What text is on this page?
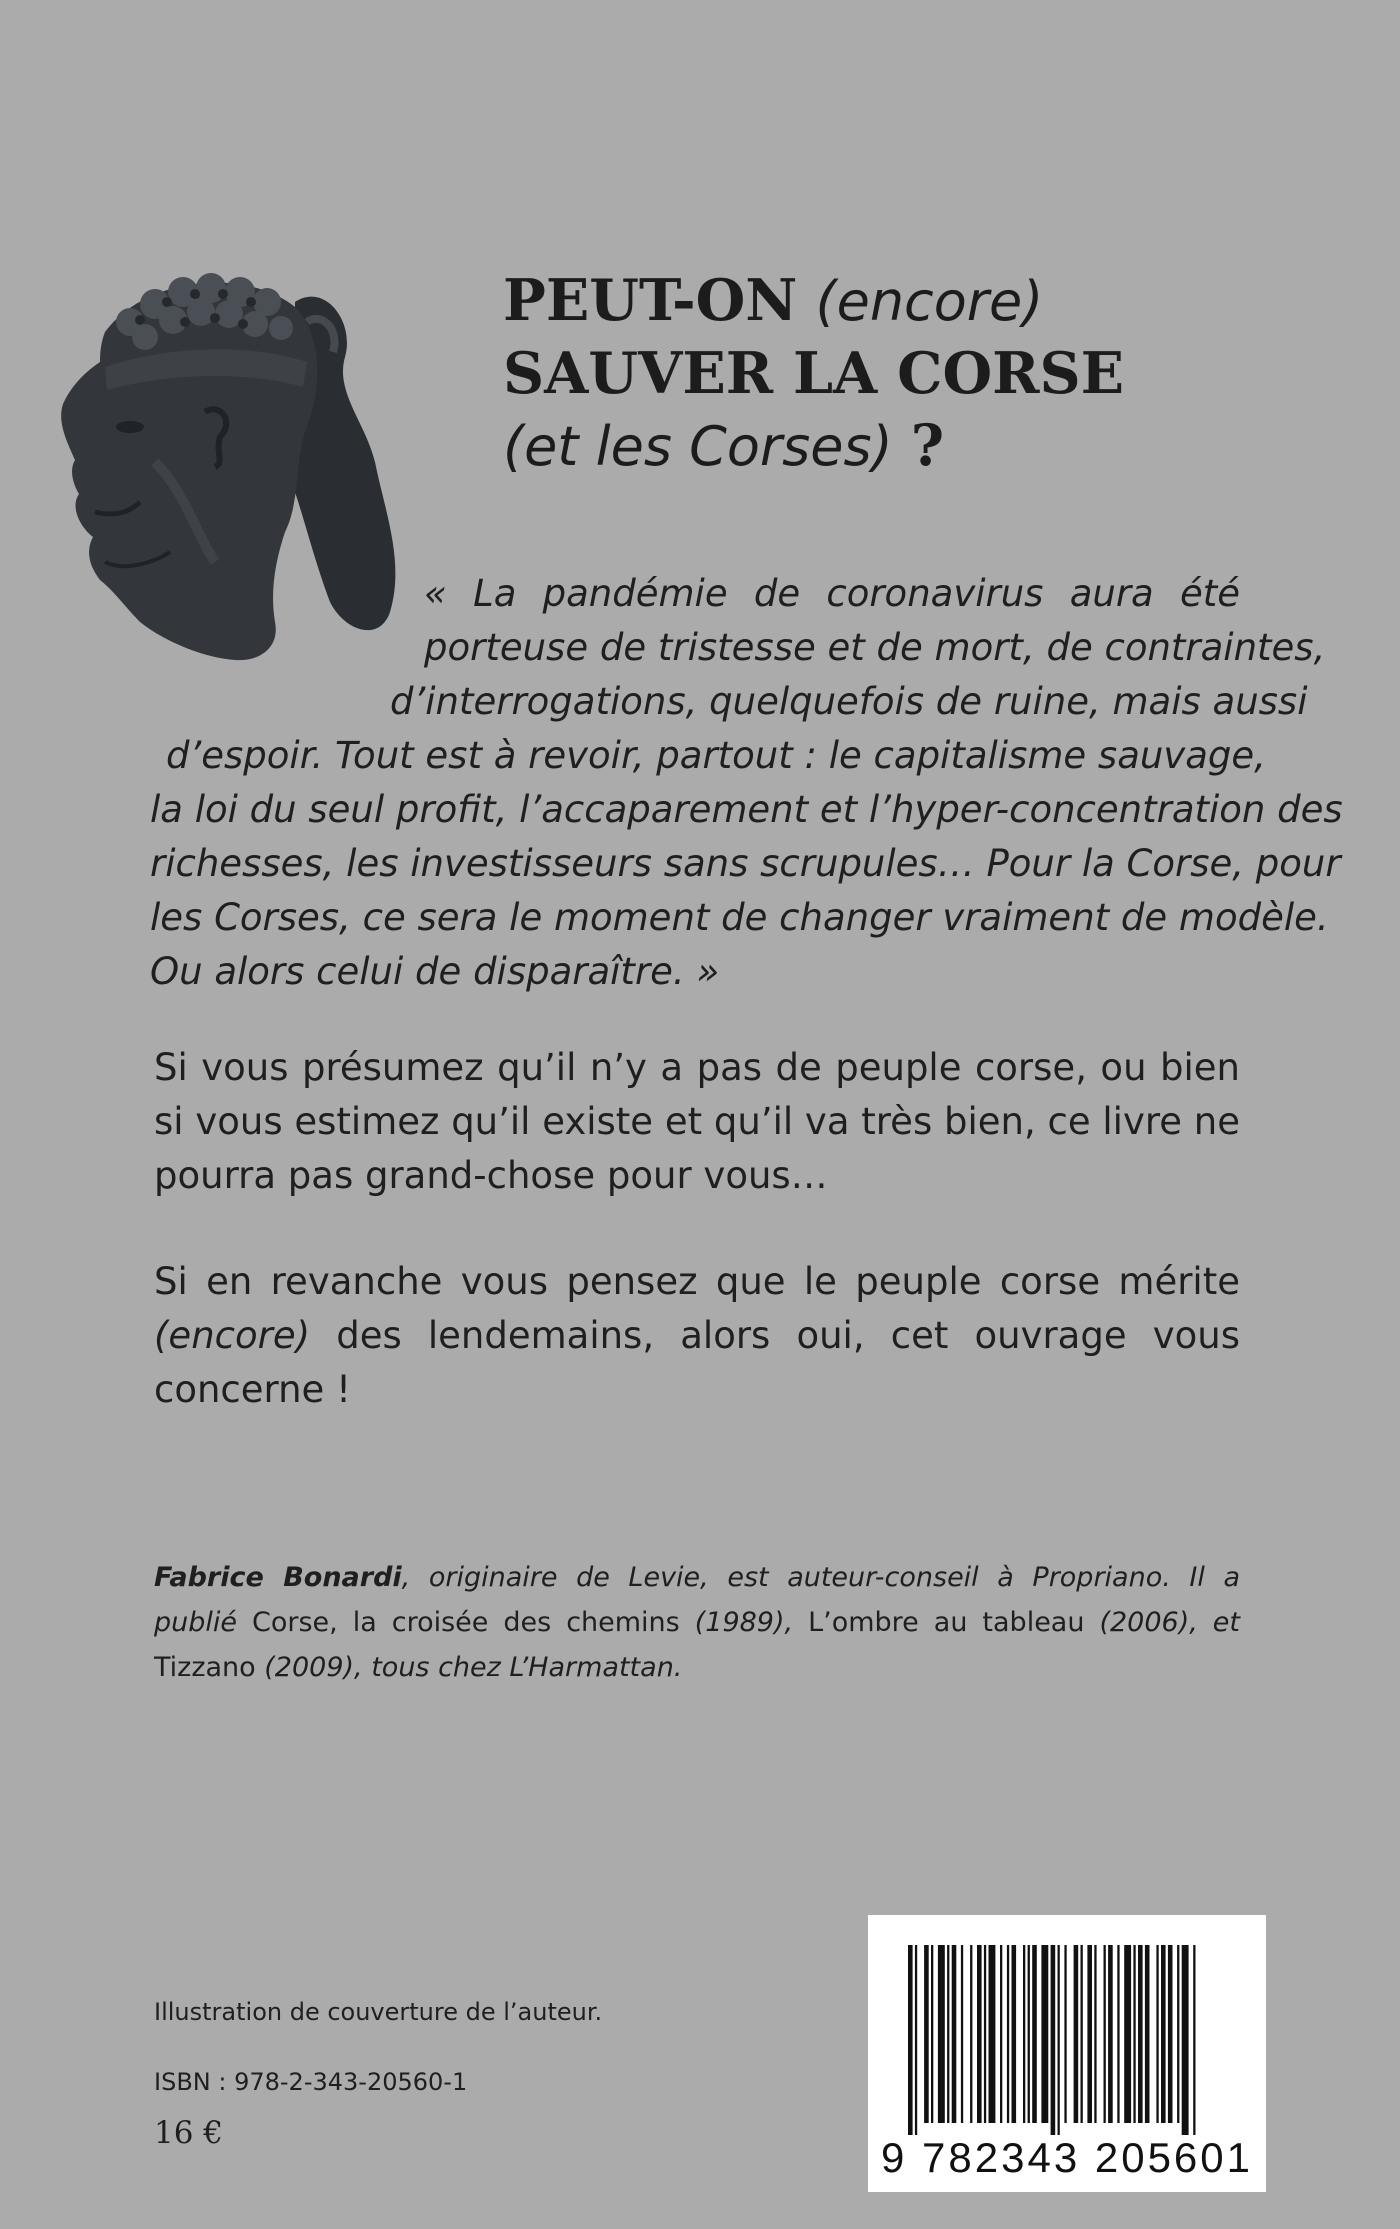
PEUT-ON (encore)
SAUVER LA CORSE
(et les Corses) ?
« La pandémie de coronavirus aura été
porteuse de tristesse et de mort, de contraintes,
d’interrogations, quelquefois de ruine, mais aussi
d’espoir. Tout est à revoir, partout : le capitalisme sauvage,
la loi du seul profit, l’accaparement et l’hyper-concentration des
richesses, les investisseurs sans scrupules… Pour la Corse, pour
les Corses, ce sera le moment de changer vraiment de modèle.
Ou alors celui de disparaître. »
Si vous présumez qu’il n’y a pas de peuple corse, ou bien
si vous estimez qu’il existe et qu’il va très bien, ce livre ne
pourra pas grand-chose pour vous…
Si en revanche vous pensez que le peuple corse mérite
(encore) des lendemains, alors oui, cet ouvrage vous
concerne !
Fabrice Bonardi, originaire de Levie, est auteur-conseil à Propriano. Il a
publié Corse, la croisée des chemins (1989), L’ombre au tableau (2006), et
Tizzano (2009), tous chez L’Harmattan.
Illustration de couverture de l’auteur.
ISBN : 978-2-343-20560-1
16 €
9 782343 205601
